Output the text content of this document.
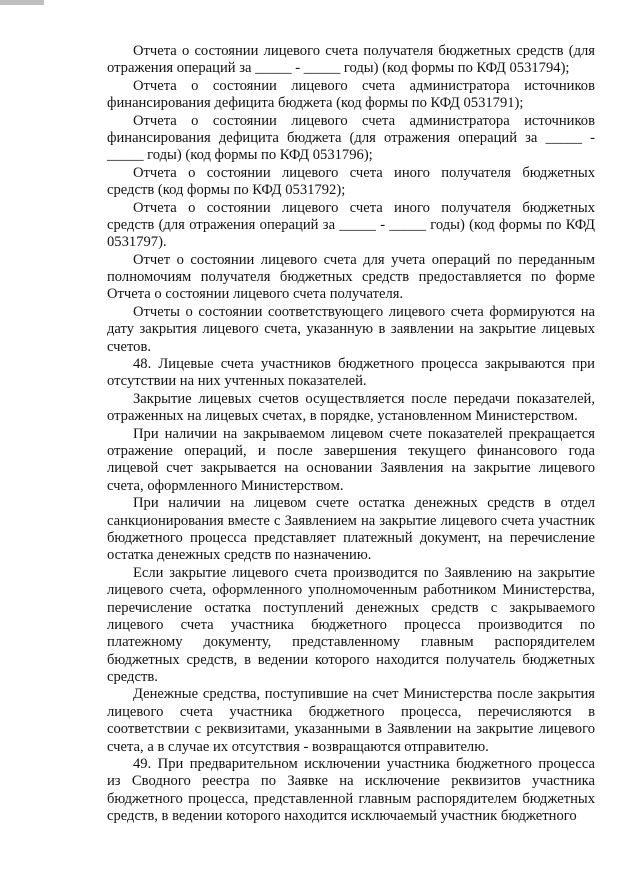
Отчета о состоянии лицевого счета получателя бюджетных средств (для
отражения операций за _____ - _____ годы) (код формы по КФД 0531794);
Отчета о состоянии лицевого счета администратора источников
финансирования дефицита бюджета (код формы по КФД 0531791);
Отчета о состоянии лицевого счета администратора источников
финансирования дефицита бюджета (для отражения операций за _____ -
_____ годы) (код формы по КФД 0531796);
Отчета о состоянии лицевого счета иного получателя бюджетных
средств (код формы по КФД 0531792);
Отчета о состоянии лицевого счета иного получателя бюджетных
средств (для отражения операций за _____ - _____ годы) (код формы по КФД
0531797).
Отчет о состоянии лицевого счета для учета операций по переданным
полномочиям получателя бюджетных средств предоставляется по форме
Отчета о состоянии лицевого счета получателя.
Отчеты о состоянии соответствующего лицевого счета формируются на
дату закрытия лицевого счета, указанную в заявлении на закрытие лицевых
счетов.
48. Лицевые счета участников бюджетного процесса закрываются при
отсутствии на них учтенных показателей.
Закрытие лицевых счетов осуществляется после передачи показателей,
отраженных на лицевых счетах, в порядке, установленном Министерством.
При наличии на закрываемом лицевом счете показателей прекращается
отражение операций, и после завершения текущего финансового года
лицевой счет закрывается на основании Заявления на закрытие лицевого
счета, оформленного Министерством.
При наличии на лицевом счете остатка денежных средств в отдел
санкционирования вместе с Заявлением на закрытие лицевого счета участник
бюджетного процесса представляет платежный документ, на перечисление
остатка денежных средств по назначению.
Если закрытие лицевого счета производится по Заявлению на закрытие
лицевого счета, оформленного уполномоченным работником Министерства,
перечисление остатка поступлений денежных средств с закрываемого
лицевого счета участника бюджетного процесса производится по
платежному документу, представленному главным распорядителем
бюджетных средств, в ведении которого находится получатель бюджетных
средств.
Денежные средства, поступившие на счет Министерства после закрытия
лицевого счета участника бюджетного процесса, перечисляются в
соответствии с реквизитами, указанными в Заявлении на закрытие лицевого
счета, а в случае их отсутствия - возвращаются отправителю.
49. При предварительном исключении участника бюджетного процесса
из Сводного реестра по Заявке на исключение реквизитов участника
бюджетного процесса, представленной главным распорядителем бюджетных
средств, в ведении которого находится исключаемый участник бюджетного
